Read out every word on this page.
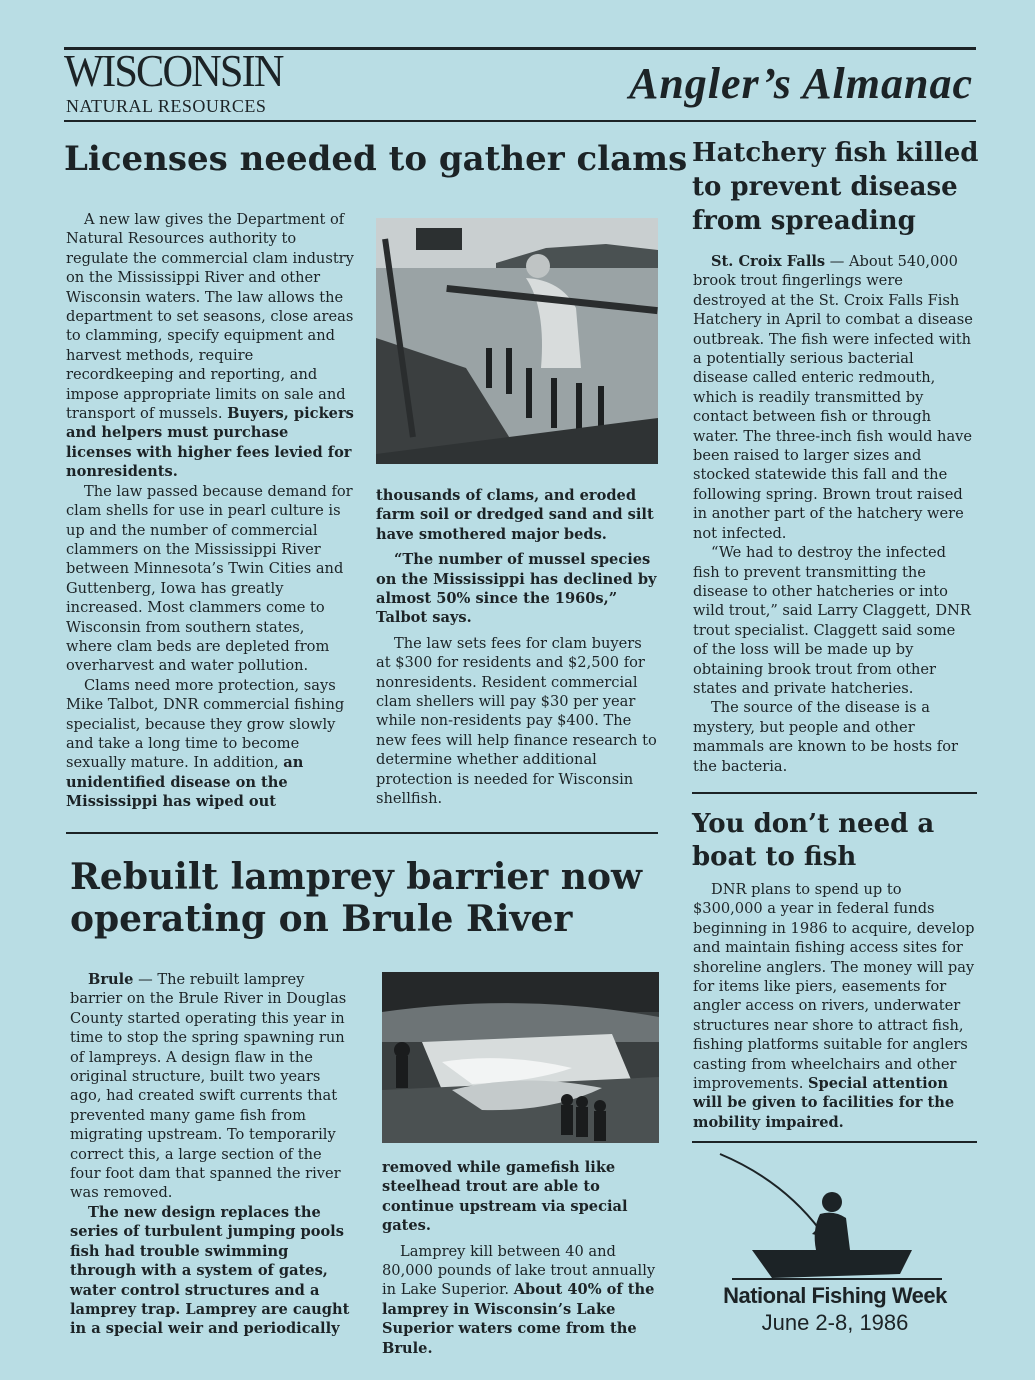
WISCONSIN
NATURAL RESOURCES	Angler’s Almanac
Licenses needed to gather clams

A new law gives the Department of Natural Resources authority to regulate the commercial clam industry on the Mississippi River and other Wisconsin waters. The law allows the department to set seasons, close areas to clamming, specify equipment and harvest methods, require recordkeeping and reporting, and impose appropriate limits on sale and transport of mussels. Buyers, pickers and helpers must purchase licenses with higher fees levied for nonresidents.

The law passed because demand for clam shells for use in pearl culture is up and the number of commercial clammers on the Mississippi River between Minnesota’s Twin Cities and Guttenberg, Iowa has greatly increased. Most clammers come to Wisconsin from southern states, where clam beds are depleted from overharvest and water pollution.

Clams need more protection, says Mike Talbot, DNR commercial fishing specialist, because they grow slowly and take a long time to become sexually mature. In addition, an unidentified disease on the Mississippi has wiped out

thousands of clams, and eroded farm soil or dredged sand and silt have smothered major beds.

“The number of mussel species on the Mississippi has declined by almost 50% since the 1960s,” Talbot says.

The law sets fees for clam buyers at $300 for residents and $2,500 for nonresidents. Resident commercial clam shellers will pay $30 per year while non-residents pay $400. The new fees will help finance research to determine whether additional protection is needed for Wisconsin shellfish.

Hatchery fish killed to prevent disease from spreading

St. Croix Falls — About 540,000 brook trout fingerlings were destroyed at the St. Croix Falls Fish Hatchery in April to combat a disease outbreak. The fish were infected with a potentially serious bacterial disease called enteric redmouth, which is readily transmitted by contact between fish or through water. The three-inch fish would have been raised to larger sizes and stocked statewide this fall and the following spring. Brown trout raised in another part of the hatchery were not infected.

“We had to destroy the infected fish to prevent transmitting the disease to other hatcheries or into wild trout,” said Larry Claggett, DNR trout specialist. Claggett said some of the loss will be made up by obtaining brook trout from other states and private hatcheries.

The source of the disease is a mystery, but people and other mammals are known to be hosts for the bacteria.

Rebuilt lamprey barrier now operating on Brule River

Brule — The rebuilt lamprey barrier on the Brule River in Douglas County started operating this year in time to stop the spring spawning run of lampreys. A design flaw in the original structure, built two years ago, had created swift currents that prevented many game fish from migrating upstream. To temporarily correct this, a large section of the four foot dam that spanned the river was removed.

The new design replaces the series of turbulent jumping pools fish had trouble swimming through with a system of gates, water control structures and a lamprey trap. Lamprey are caught in a special weir and periodically

removed while gamefish like steelhead trout are able to continue upstream via special gates.

Lamprey kill between 40 and 80,000 pounds of lake trout annually in Lake Superior. About 40% of the lamprey in Wisconsin’s Lake Superior waters come from the Brule.

You don’t need a boat to fish

DNR plans to spend up to $300,000 a year in federal funds beginning in 1986 to acquire, develop and maintain fishing access sites for shoreline anglers. The money will pay for items like piers, easements for angler access on rivers, underwater structures near shore to attract fish, fishing platforms suitable for anglers casting from wheelchairs and other improvements. Special attention will be given to facilities for the mobility impaired.

National Fishing Week
June 2-8, 1986
